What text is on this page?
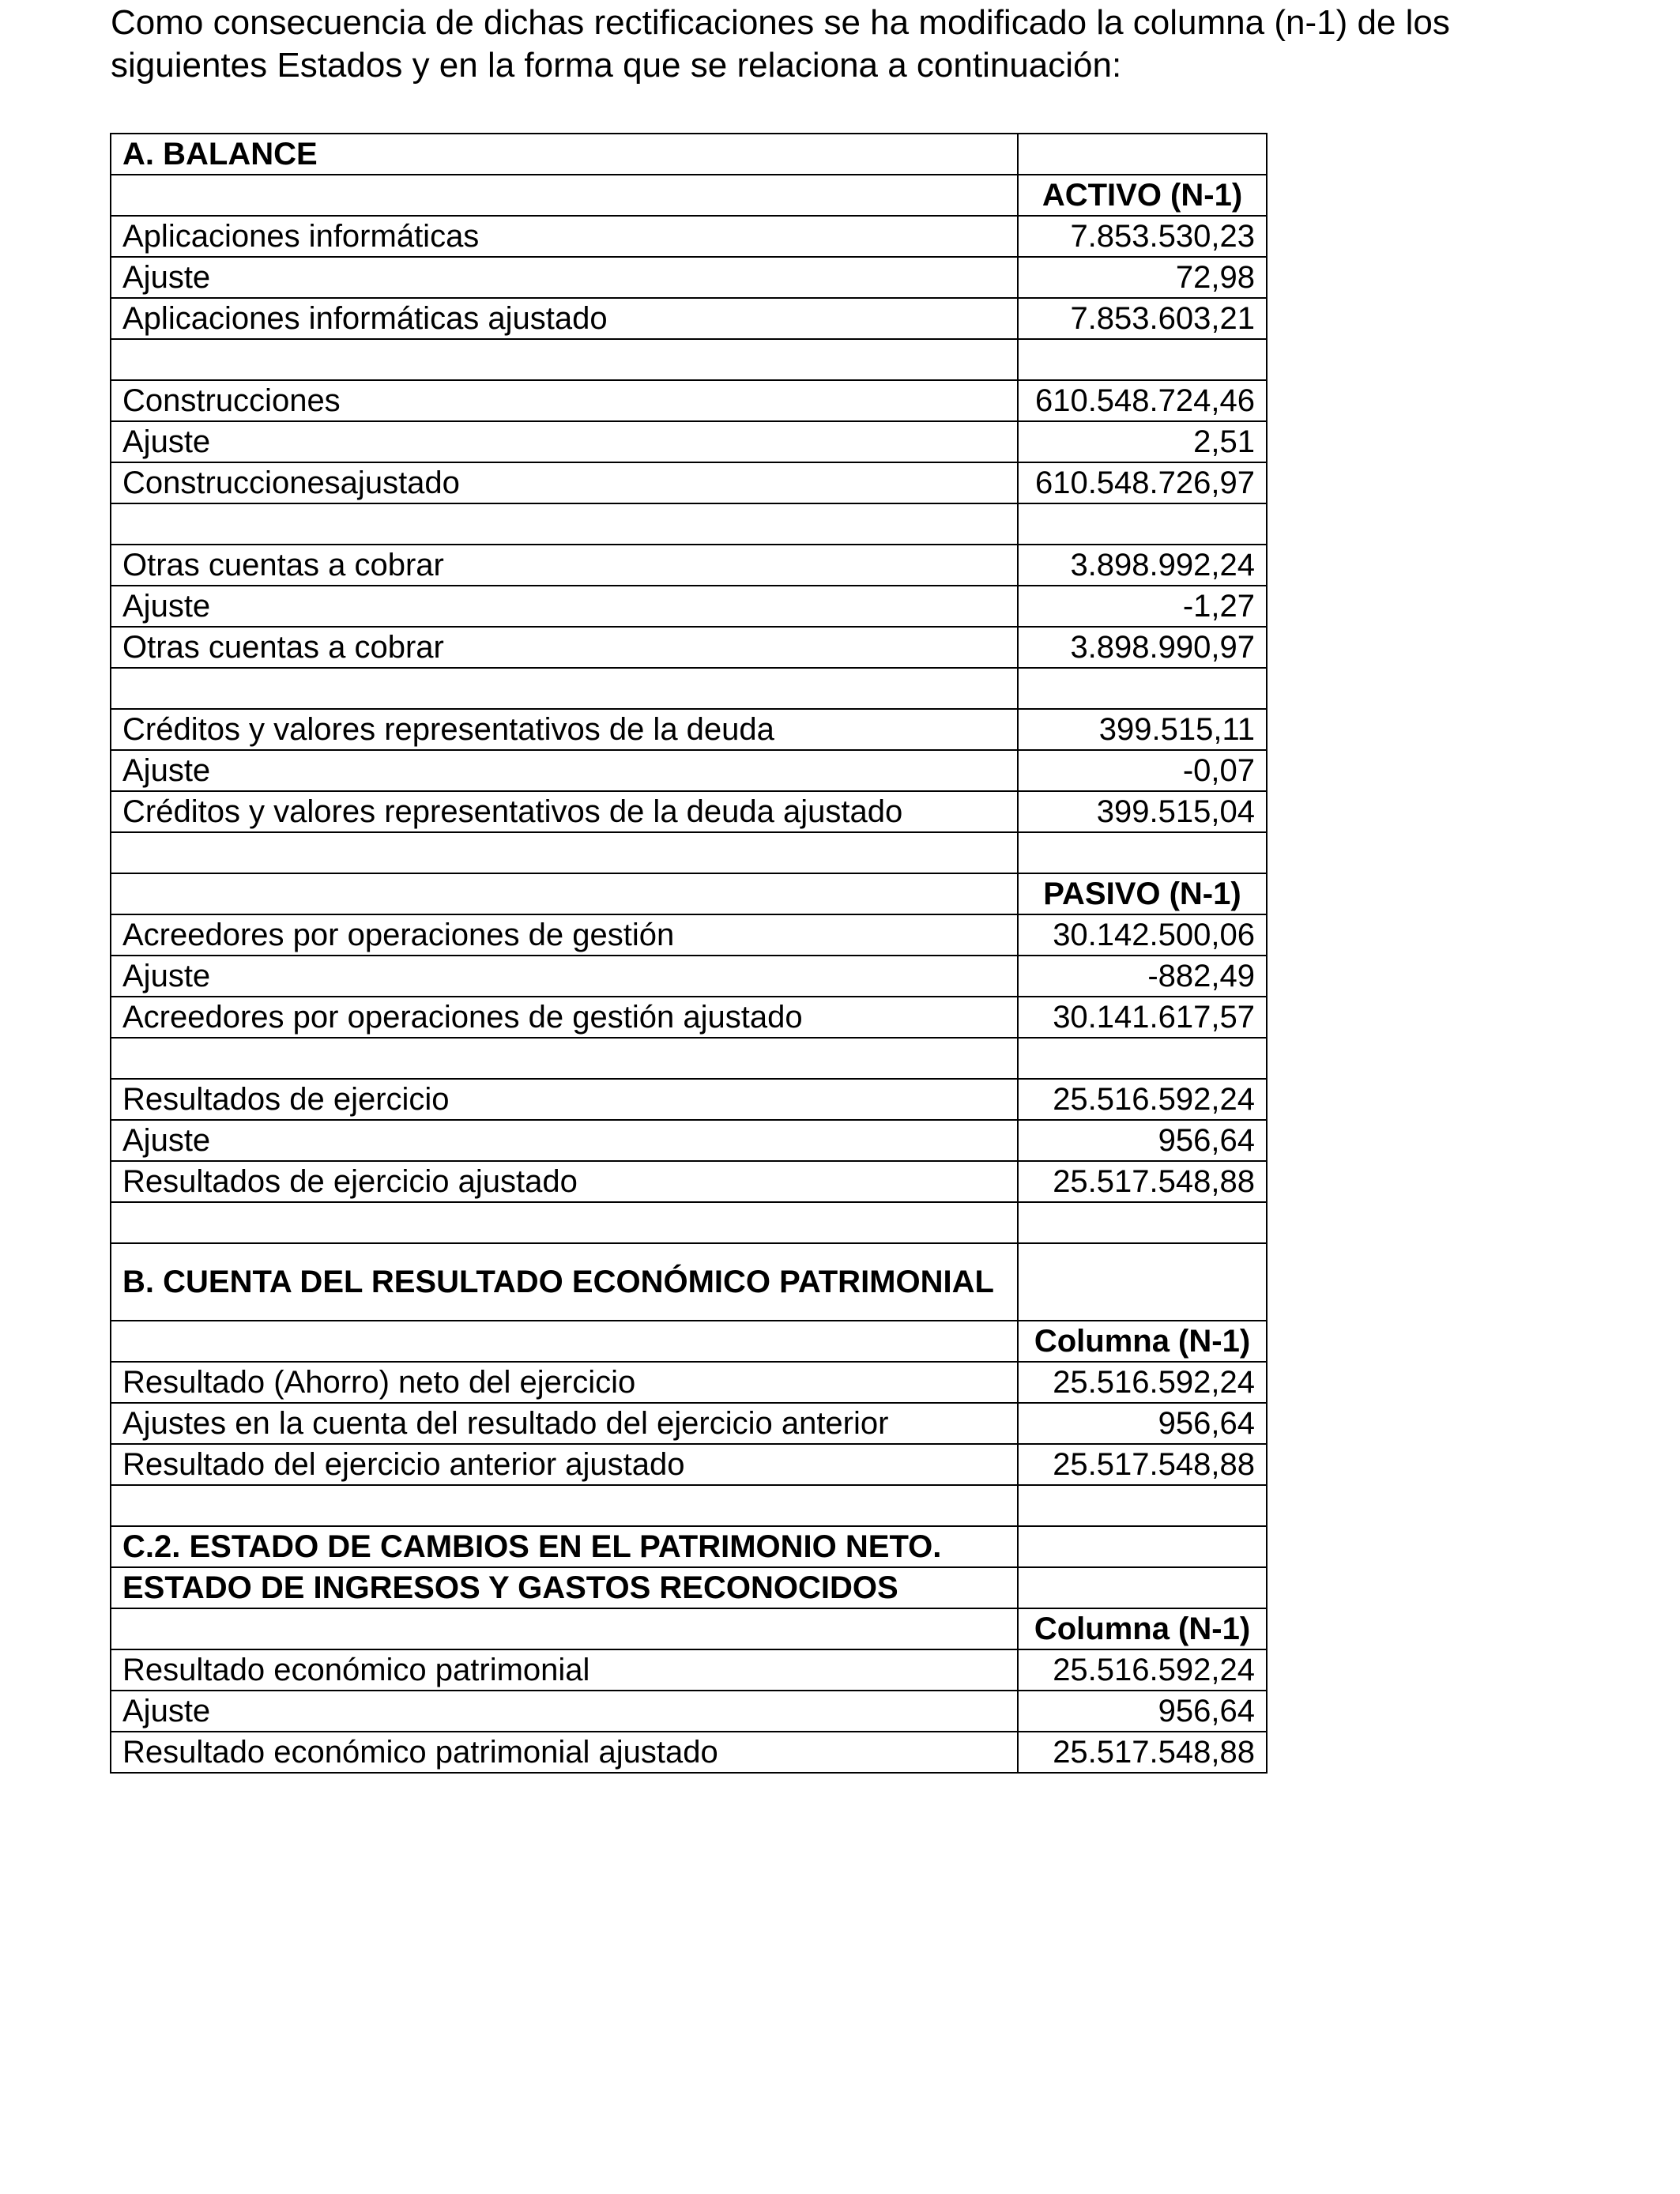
Como consecuencia de dichas rectificaciones se ha modificado la columna (n-1) de los siguientes Estados y en la forma que se relaciona a continuación:

A. BALANCE	
	ACTIVO (N-1)
Aplicaciones informáticas	7.853.530,23
Ajuste	72,98
Aplicaciones informáticas ajustado	7.853.603,21

Construcciones	610.548.724,46
Ajuste	2,51
Construccionesajustado	610.548.726,97

Otras cuentas a cobrar	3.898.992,24
Ajuste	-1,27
Otras cuentas a cobrar	3.898.990,97

Créditos y valores representativos de la deuda	399.515,11
Ajuste	-0,07
Créditos y valores representativos de la deuda ajustado	399.515,04

	PASIVO (N-1)
Acreedores por operaciones de gestión	30.142.500,06
Ajuste	-882,49
Acreedores por operaciones de gestión ajustado	30.141.617,57

Resultados de ejercicio	25.516.592,24
Ajuste	956,64
Resultados de ejercicio ajustado	25.517.548,88

B. CUENTA DEL RESULTADO ECONÓMICO PATRIMONIAL	
	Columna (N-1)
Resultado (Ahorro) neto del ejercicio	25.516.592,24
Ajustes en la cuenta del resultado del ejercicio anterior	956,64
Resultado del ejercicio anterior ajustado	25.517.548,88

C.2. ESTADO DE CAMBIOS EN EL PATRIMONIO NETO.	
ESTADO DE INGRESOS Y GASTOS RECONOCIDOS	
	Columna (N-1)
Resultado económico patrimonial	25.516.592,24
Ajuste	956,64
Resultado económico patrimonial ajustado	25.517.548,88
